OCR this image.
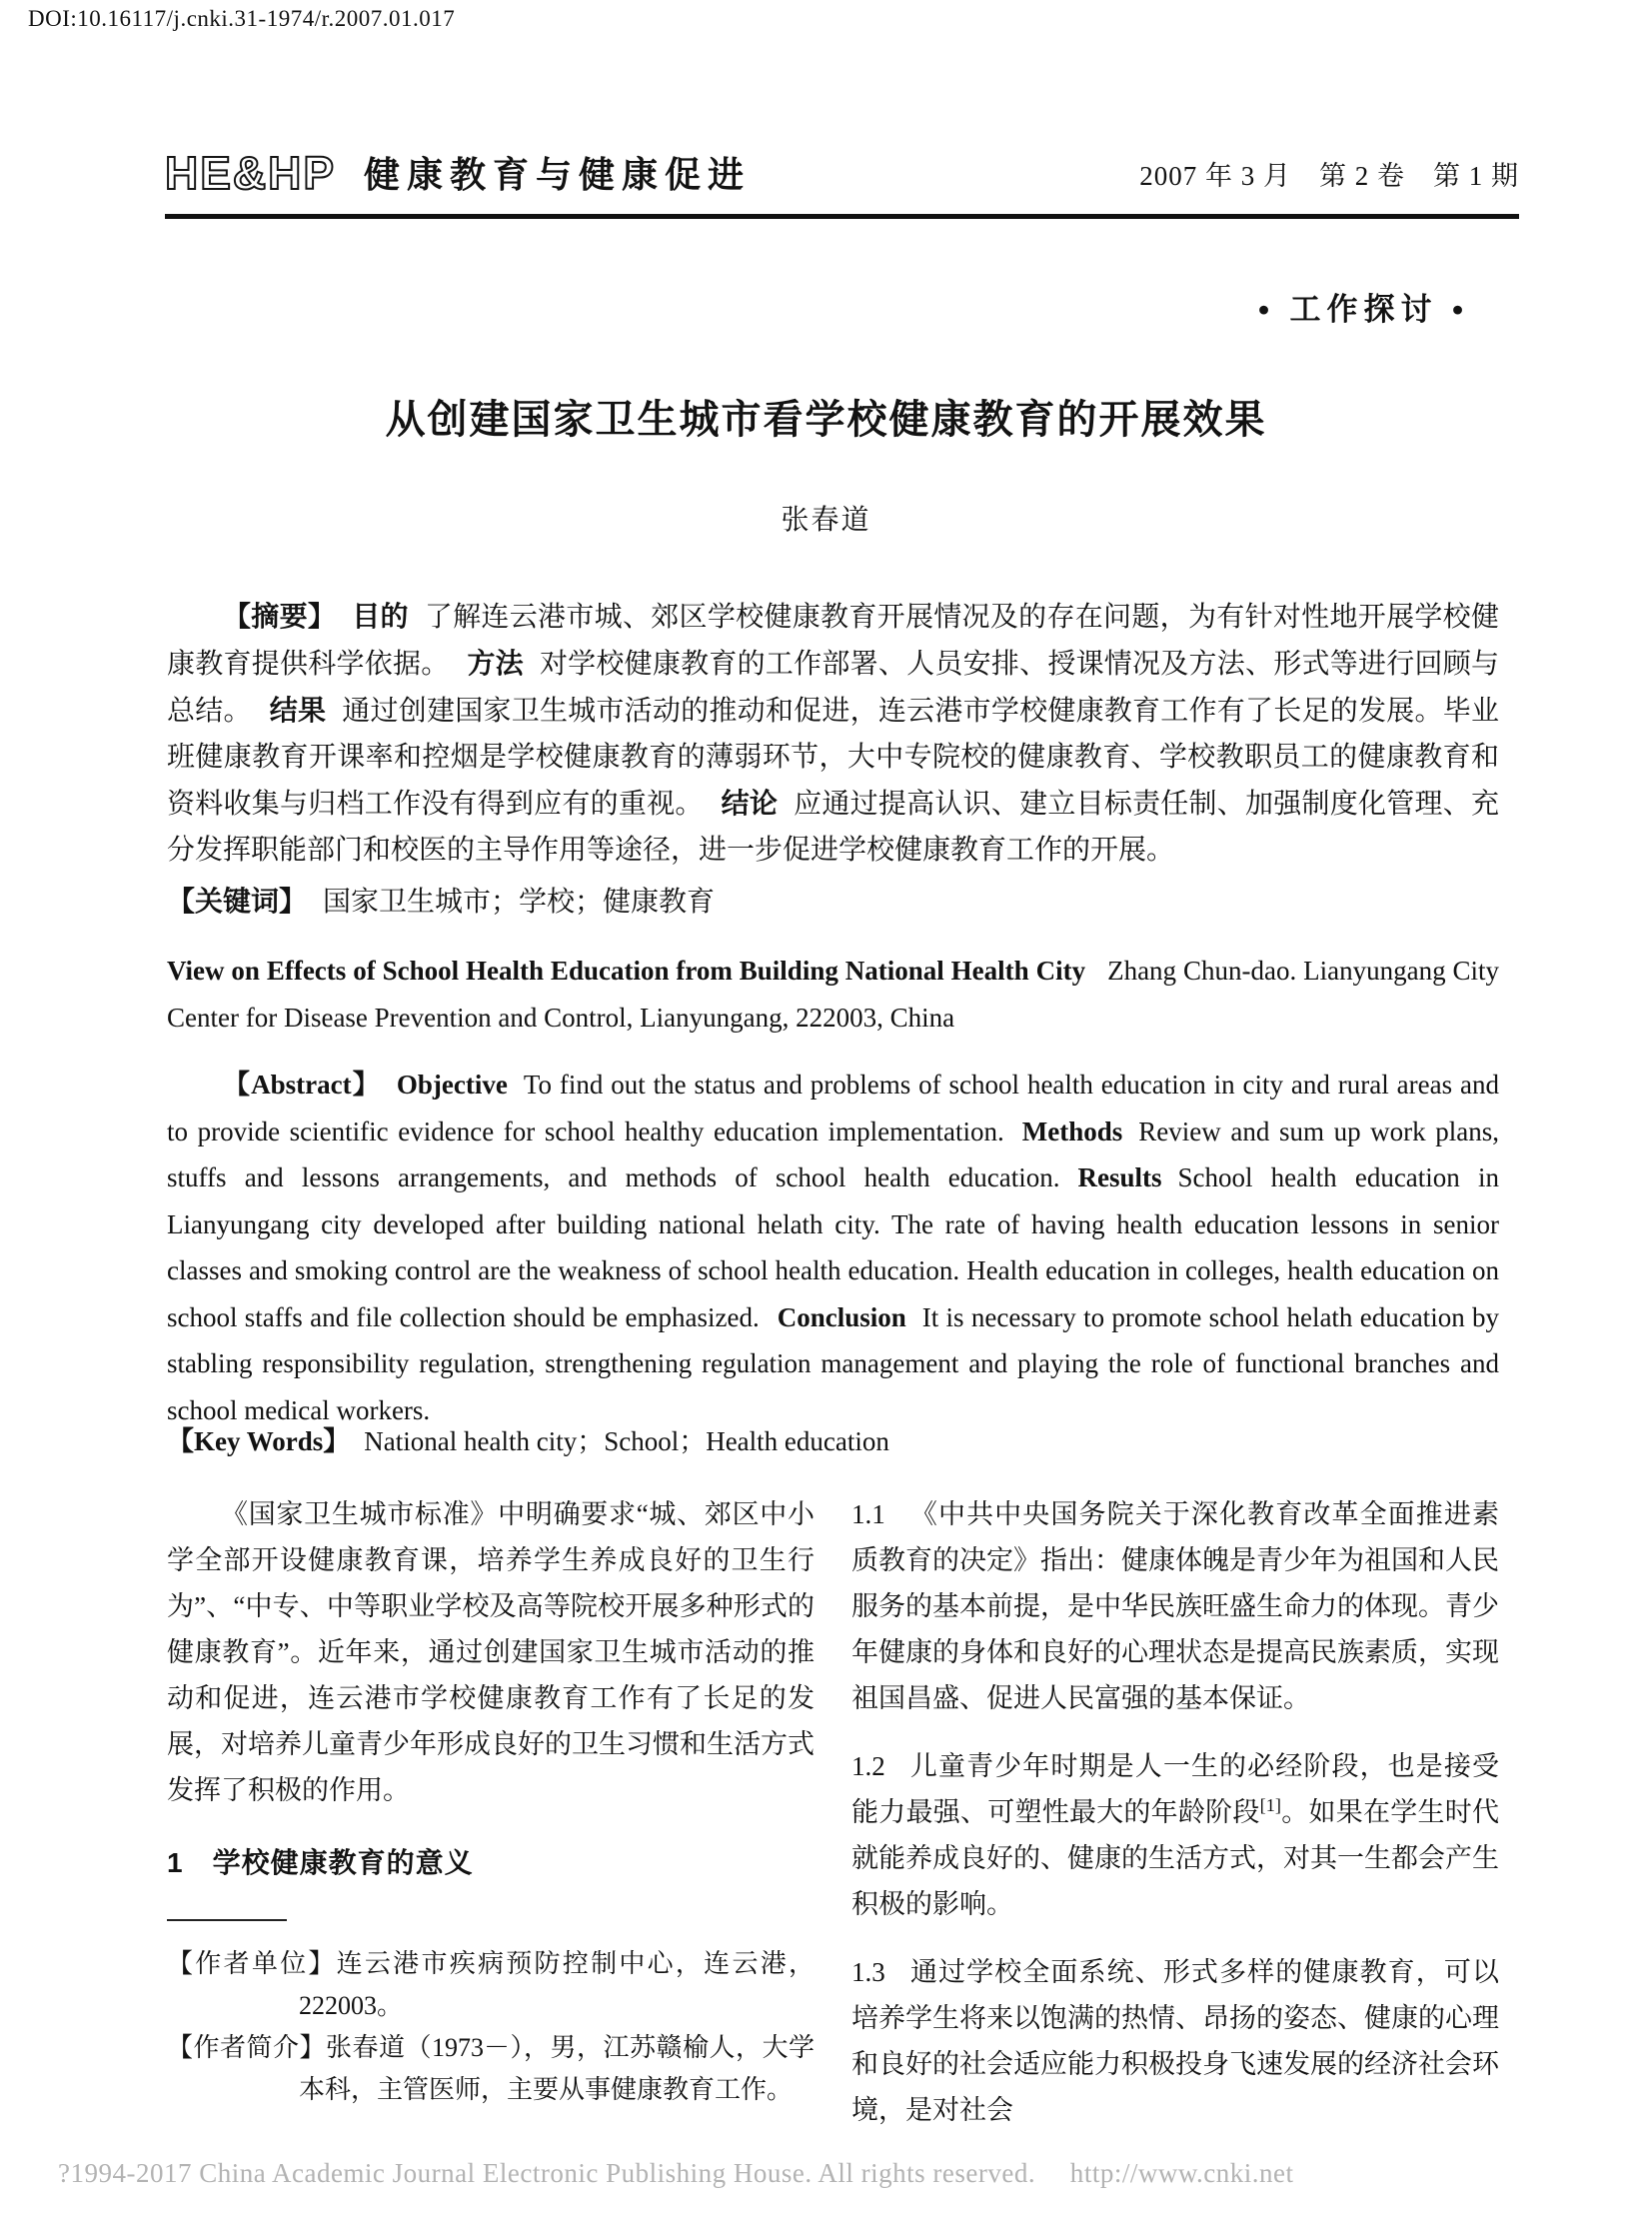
DOI:10.16117/j.cnki.31-1974/r.2007.01.017
HE&HP 健康教育与健康促进	2007 年 3 月　第 2 卷　第 1 期
• 工作探讨 •
从创建国家卫生城市看学校健康教育的开展效果
张春道

【摘要】 目的 了解连云港市城、郊区学校健康教育开展情况及的存在问题，为有针对性地开展学校健康教育提供科学依据。 方法 对学校健康教育的工作部署、人员安排、授课情况及方法、形式等进行回顾与总结。 结果 通过创建国家卫生城市活动的推动和促进，连云港市学校健康教育工作有了长足的发展。毕业班健康教育开课率和控烟是学校健康教育的薄弱环节，大中专院校的健康教育、学校教职员工的健康教育和资料收集与归档工作没有得到应有的重视。 结论 应通过提高认识、建立目标责任制、加强制度化管理、充分发挥职能部门和校医的主导作用等途径，进一步促进学校健康教育工作的开展。

【关键词】 国家卫生城市；学校；健康教育

View on Effects of School Health Education from Building National Health City Zhang Chun-dao. Lianyungang City Center for Disease Prevention and Control, Lianyungang, 222003, China

【Abstract】 Objective To find out the status and problems of school health education in city and rural areas and to provide scientific evidence for school healthy education implementation. Methods Review and sum up work plans, stuffs and lessons arrangements, and methods of school health education. Results School health education in Lianyungang city developed after building national helath city. The rate of having health education lessons in senior classes and smoking control are the weakness of school health education. Health education in colleges, health education on school staffs and file collection should be emphasized. Conclusion It is necessary to promote school helath education by stabling responsibility regulation, strengthening regulation management and playing the role of functional branches and school medical workers.

【Key Words】 National health city；School；Health education

《国家卫生城市标准》中明确要求“城、郊区中小学全部开设健康教育课，培养学生养成良好的卫生行为”、“中专、中等职业学校及高等院校开展多种形式的健康教育”。近年来，通过创建国家卫生城市活动的推动和促进，连云港市学校健康教育工作有了长足的发展，对培养儿童青少年形成良好的卫生习惯和生活方式发挥了积极的作用。

1　学校健康教育的意义

【作者单位】连云港市疾病预防控制中心，连云港，222003。

【作者简介】张春道（1973－），男，江苏赣榆人，大学本科，主管医师，主要从事健康教育工作。

1.1 《中共中央国务院关于深化教育改革全面推进素质教育的决定》指出：健康体魄是青少年为祖国和人民服务的基本前提，是中华民族旺盛生命力的体现。青少年健康的身体和良好的心理状态是提高民族素质，实现祖国昌盛、促进人民富强的基本保证。

1.2 儿童青少年时期是人一生的必经阶段，也是接受能力最强、可塑性最大的年龄阶段[1]。如果在学生时代就能养成良好的、健康的生活方式，对其一生都会产生积极的影响。

1.3 通过学校全面系统、形式多样的健康教育，可以培养学生将来以饱满的热情、昂扬的姿态、健康的心理和良好的社会适应能力积极投身飞速发展的经济社会环境，是对社会

?1994-2017 China Academic Journal Electronic Publishing House. All rights reserved.　 http://www.cnki.net
